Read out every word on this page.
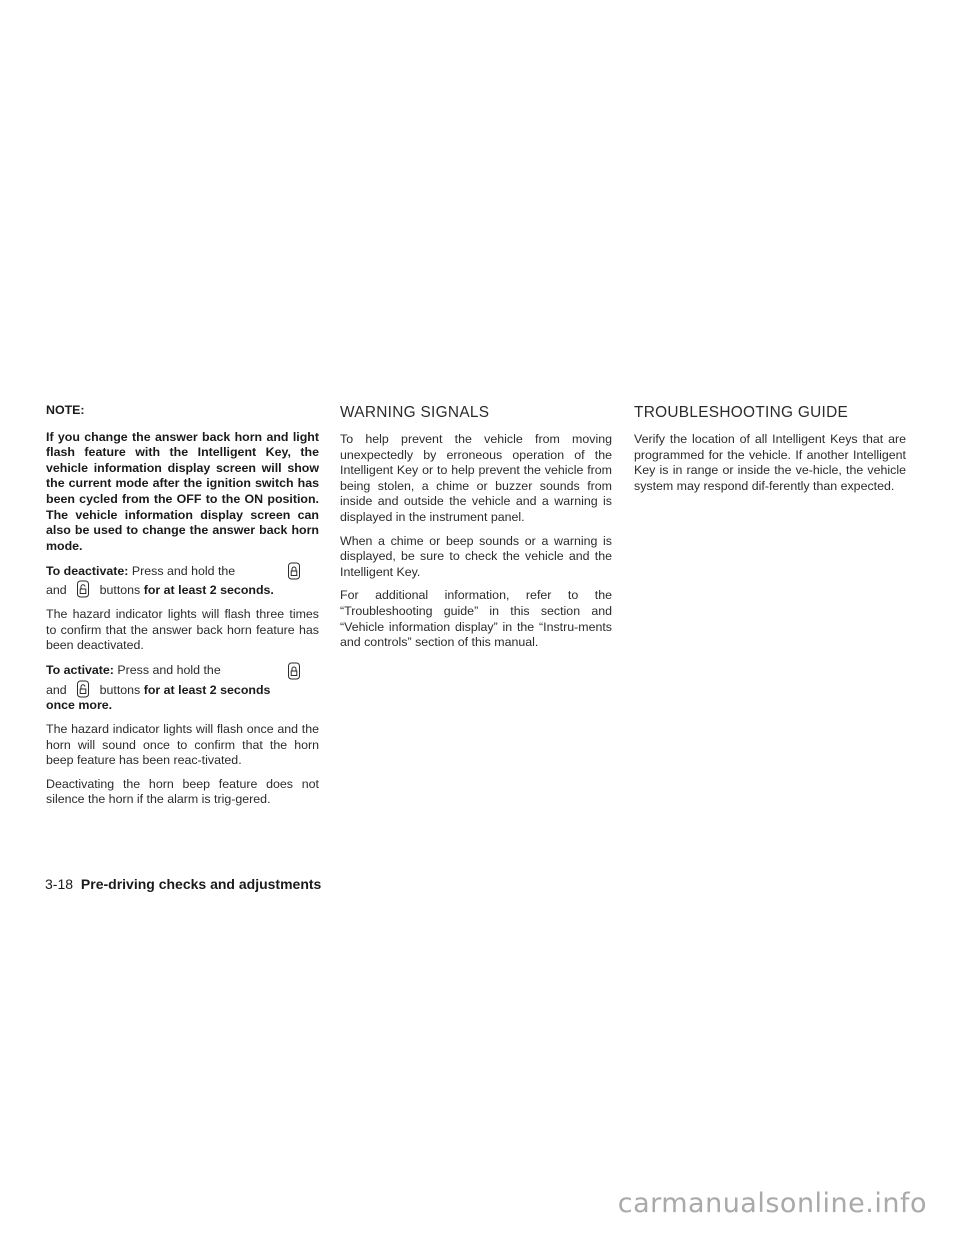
NOTE:

If you change the answer back horn and light flash feature with the Intelligent Key, the vehicle information display screen will show the current mode after the ignition switch has been cycled from the OFF to the ON position. The vehicle information display screen can also be used to change the answer back horn mode.

To deactivate: Press and hold the
and	buttons for at least 2 seconds.

The hazard indicator lights will flash three times to confirm that the answer back horn feature has been deactivated.

To activate: Press and hold the
and	buttons for at least 2 seconds
once more.

The hazard indicator lights will flash once and the horn will sound once to confirm that the horn beep feature has been reac-tivated.

Deactivating the horn beep feature does not silence the horn if the alarm is trig-gered.

WARNING SIGNALS

To help prevent the vehicle from moving unexpectedly by erroneous operation of the Intelligent Key or to help prevent the vehicle from being stolen, a chime or buzzer sounds from inside and outside the vehicle and a warning is displayed in the instrument panel.

When a chime or beep sounds or a warning is displayed, be sure to check the vehicle and the Intelligent Key.

For additional information, refer to the “Troubleshooting guide” in this section and “Vehicle information display” in the “Instru-ments and controls” section of this manual.

TROUBLESHOOTING GUIDE

Verify the location of all Intelligent Keys that are programmed for the vehicle. If another Intelligent Key is in range or inside the ve-hicle, the vehicle system may respond dif-ferently than expected.

3-18 Pre-driving checks and adjustments
carmanualsonline.info
